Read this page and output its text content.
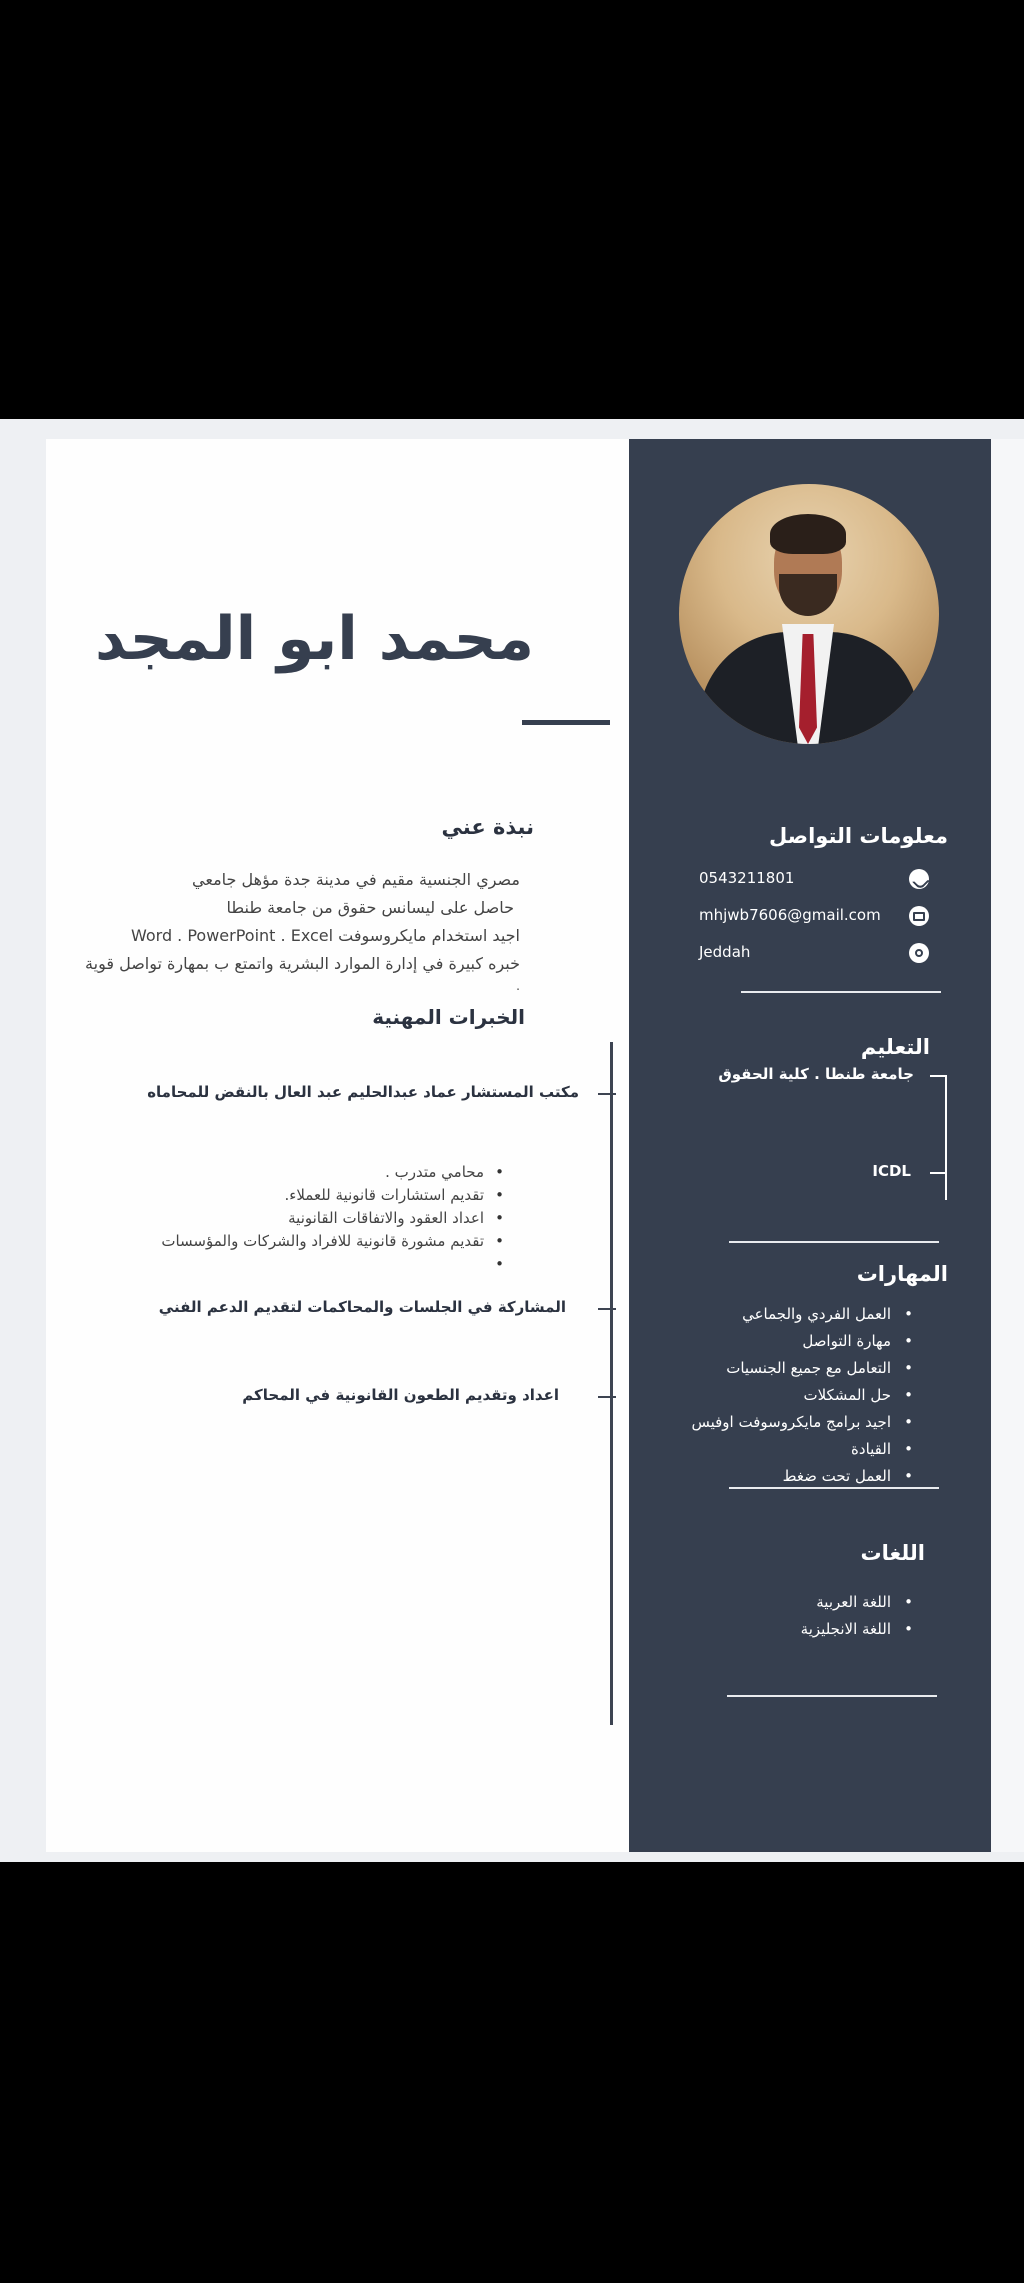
محمد ابو المجد
نبذة عني
مصري الجنسية مقيم في مدينة جدة مؤهل جامعي
حاصل على ليسانس حقوق من جامعة طنطا
اجيد استخدام مايكروسوفت Word . PowerPoint . Excel
خبره كبيرة في إدارة الموارد البشرية واتمتع ب بمهارة تواصل قوية
.
الخبرات المهنية
مكتب المستشار عماد عبدالحليم عبد العال بالنقض للمحاماه
• محامي متدرب .
• تقديم استشارات قانونية للعملاء.
• اعداد العقود والاتفاقات القانونية
• تقديم مشورة قانونية للافراد والشركات والمؤسسات
•
المشاركة في الجلسات والمحاكمات لتقديم الدعم الفني
اعداد وتقديم الطعون القانونية في المحاكم
معلومات التواصل
0543211801
mhjwb7606@gmail.com
Jeddah
التعليم
جامعة طنطا . كلية الحقوق
ICDL
المهارات
• العمل الفردي والجماعي
• مهارة التواصل
• التعامل مع جميع الجنسيات
• حل المشكلات
• اجيد برامج مايكروسوفت اوفيس
• القيادة
• العمل تحت ضغط
اللغات
• اللغة العربية
• اللغة الانجليزية
